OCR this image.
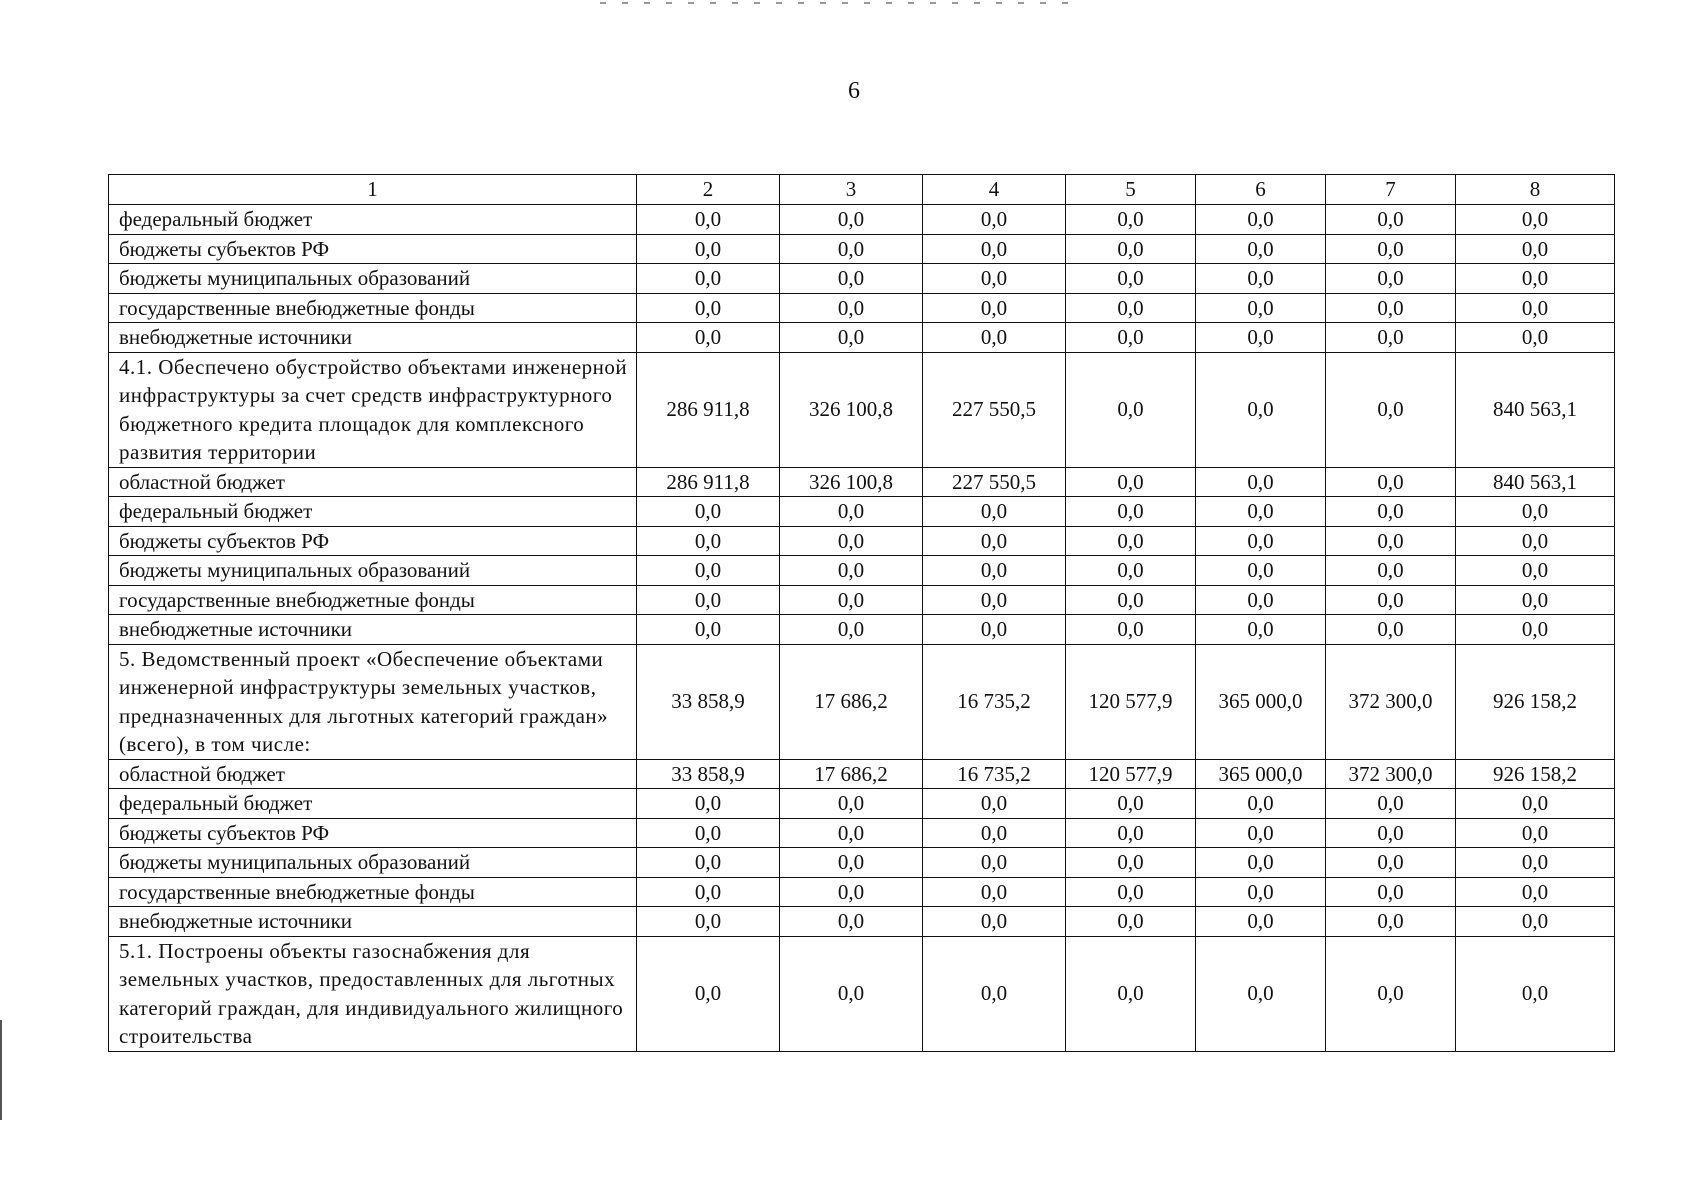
6
1	2	3	4	5	6	7	8
федеральный бюджет	0,0	0,0	0,0	0,0	0,0	0,0	0,0
бюджеты субъектов РФ	0,0	0,0	0,0	0,0	0,0	0,0	0,0
бюджеты муниципальных образований	0,0	0,0	0,0	0,0	0,0	0,0	0,0
государственные внебюджетные фонды	0,0	0,0	0,0	0,0	0,0	0,0	0,0
внебюджетные источники	0,0	0,0	0,0	0,0	0,0	0,0	0,0
4.1. Обеспечено обустройство объектами инженерной инфраструктуры за счет средств инфраструктурного бюджетного кредита площадок для комплексного развития территории	286 911,8	326 100,8	227 550,5	0,0	0,0	0,0	840 563,1
областной бюджет	286 911,8	326 100,8	227 550,5	0,0	0,0	0,0	840 563,1
федеральный бюджет	0,0	0,0	0,0	0,0	0,0	0,0	0,0
бюджеты субъектов РФ	0,0	0,0	0,0	0,0	0,0	0,0	0,0
бюджеты муниципальных образований	0,0	0,0	0,0	0,0	0,0	0,0	0,0
государственные внебюджетные фонды	0,0	0,0	0,0	0,0	0,0	0,0	0,0
внебюджетные источники	0,0	0,0	0,0	0,0	0,0	0,0	0,0
5. Ведомственный проект «Обеспечение объектами инженерной инфраструктуры земельных участков, предназначенных для льготных категорий граждан» (всего), в том числе:	33 858,9	17 686,2	16 735,2	120 577,9	365 000,0	372 300,0	926 158,2
областной бюджет	33 858,9	17 686,2	16 735,2	120 577,9	365 000,0	372 300,0	926 158,2
федеральный бюджет	0,0	0,0	0,0	0,0	0,0	0,0	0,0
бюджеты субъектов РФ	0,0	0,0	0,0	0,0	0,0	0,0	0,0
бюджеты муниципальных образований	0,0	0,0	0,0	0,0	0,0	0,0	0,0
государственные внебюджетные фонды	0,0	0,0	0,0	0,0	0,0	0,0	0,0
внебюджетные источники	0,0	0,0	0,0	0,0	0,0	0,0	0,0
5.1. Построены объекты газоснабжения для земельных участков, предоставленных для льготных категорий граждан, для индивидуального жилищного строительства	0,0	0,0	0,0	0,0	0,0	0,0	0,0
